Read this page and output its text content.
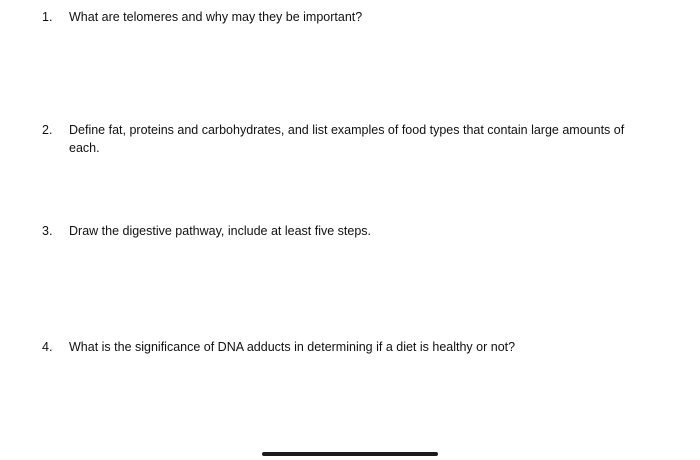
1.	What are telomeres and why may they be important?
2.	Define fat, proteins and carbohydrates, and list examples of food types that contain large amounts of each.
3.	Draw the digestive pathway, include at least five steps.
4.	What is the significance of DNA adducts in determining if a diet is healthy or not?
